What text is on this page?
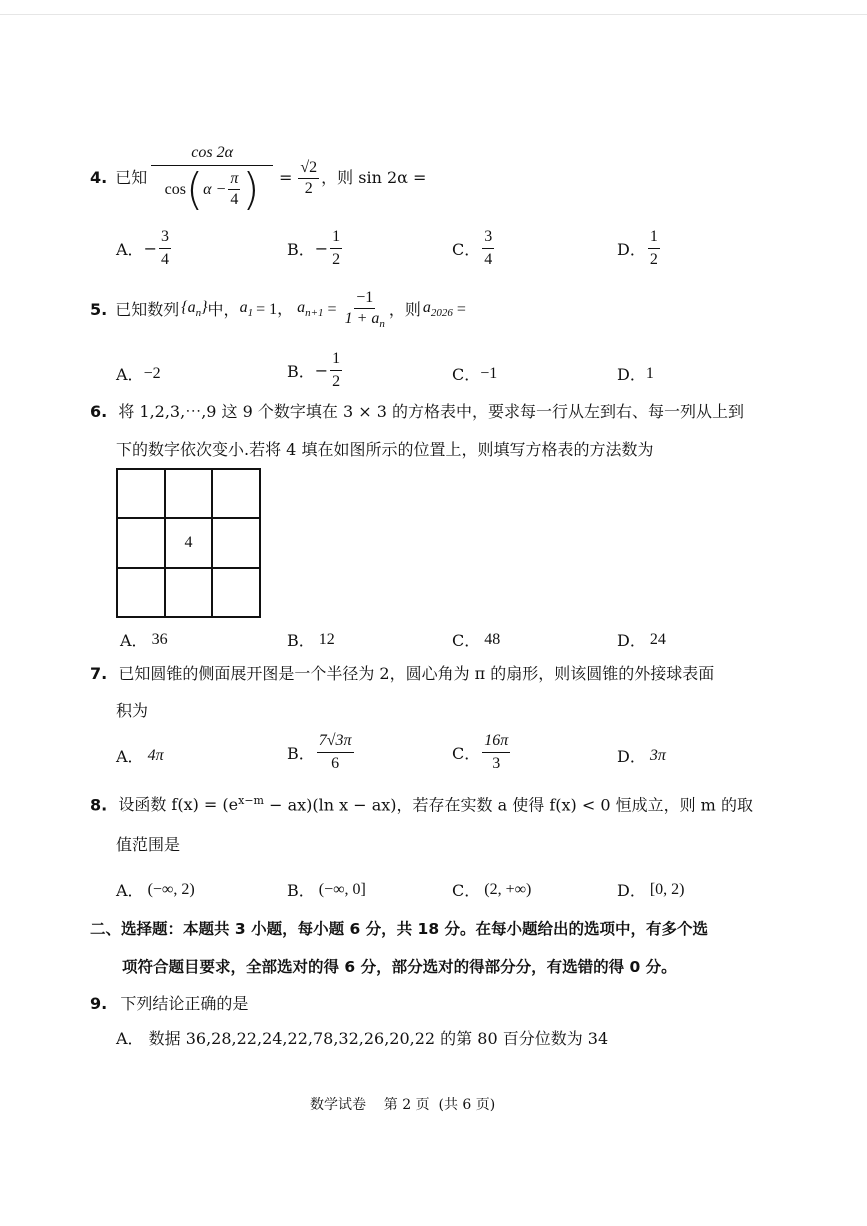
4. 已知
cos 2α
cos ( $\alpha - \frac{\pi}{4}$ ) = $\frac{√2}{2}$ ，则 sin 2α =
A． − $\frac{3}{4}$	B． − $\frac{1}{2}$	C． $\frac{3}{4}$	D． $\frac{1}{2}$
5. 已知数列 $\{a_n\}$ 中， $a_1 = 1$， $a_{n+1} = \frac{-1}{1 + a_n}$ ，则 $a_{2026}$ =
A． −2	B． − $\frac{1}{2}$	C． −1	D． 1
6. 将 1,2,3,⋯,9 这 9 个数字填在 3 × 3 的方格表中，要求每一行从左到右、每一列从上到
下的数字依次变小.若将 4 填在如图所示的位置上，则填写方格表的方法数为
4
A． 36	B． 12	C． 48	D． 24
7. 已知圆锥的侧面展开图是一个半径为 2，圆心角为 π 的扇形，则该圆锥的外接球表面
积为
A． 4π	B． $\frac{7√3\pi}{6}$	C． $\frac{16\pi}{3}$	D． 3π
8. 设函数 $f(x) = (e^{x-m} - ax)(\ln$ x − ax)，若存在实数 a 使得 f(x) < 0 恒成立，则 m 的取
值范围是
A． (−∞, 2)	B． (−∞, 0]	C． (2, +∞)	D． [0, 2)
二、选择题：本题共 3 小题，每小题 6 分，共 18 分。在每小题给出的选项中，有多个选
项符合题目要求，全部选对的得 6 分，部分选对的得部分分，有选错的得 0 分。
9. 下列结论正确的是
A． 数据 36,28,22,24,22,78,32,26,20,22 的第 80 百分位数为 34
数学试卷    第 2 页  (共 6 页)
